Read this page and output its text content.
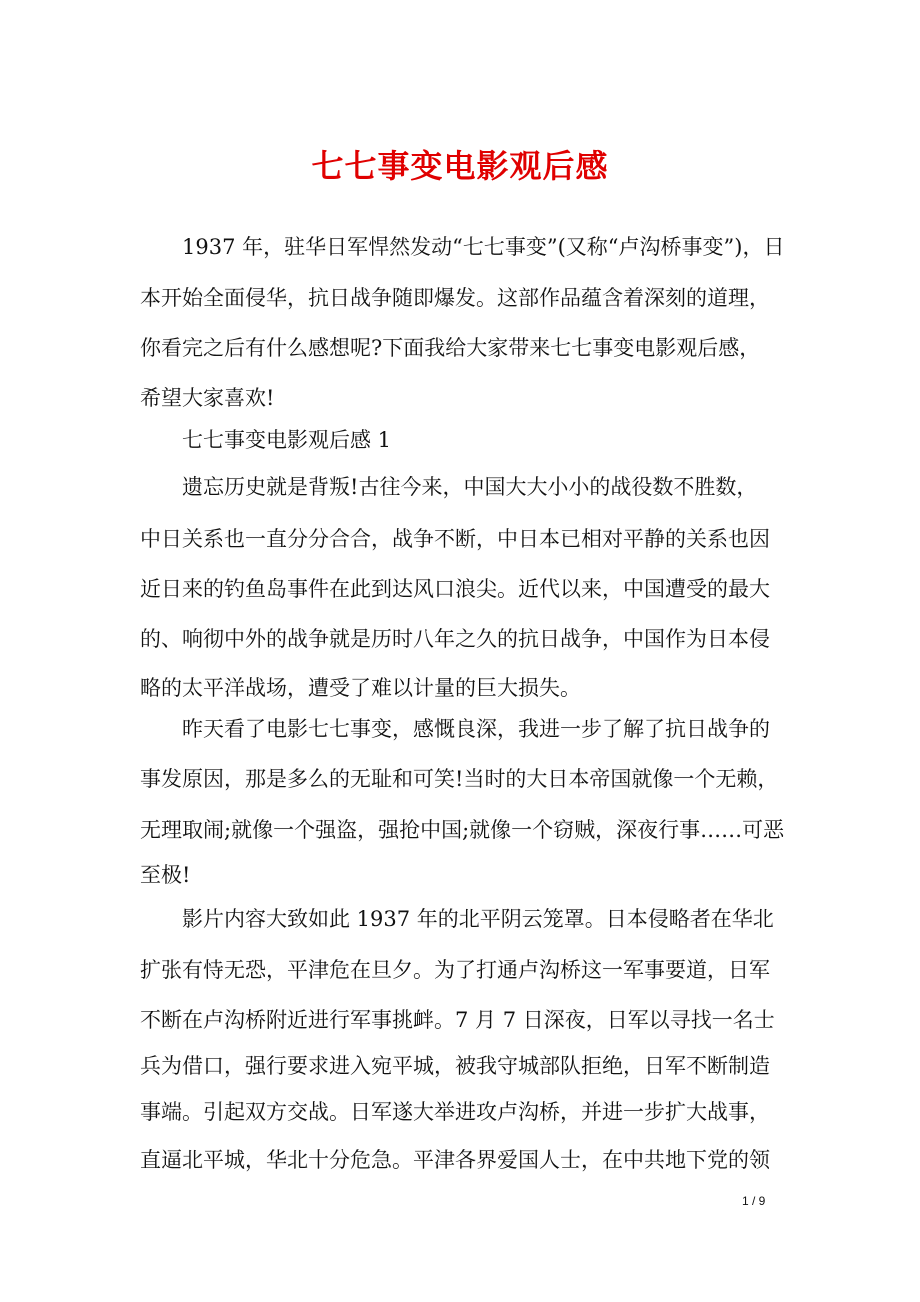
七七事变电影观后感
1937 年，驻华日军悍然发动“七七事变”(又称“卢沟桥事变”)，日
本开始全面侵华，抗日战争随即爆发。这部作品蕴含着深刻的道理，
你看完之后有什么感想呢?下面我给大家带来七七事变电影观后感，
希望大家喜欢!
七七事变电影观后感 1
遗忘历史就是背叛!古往今来，中国大大小小的战役数不胜数，
中日关系也一直分分合合，战争不断，中日本已相对平静的关系也因
近日来的钓鱼岛事件在此到达风口浪尖。近代以来，中国遭受的最大
的、响彻中外的战争就是历时八年之久的抗日战争，中国作为日本侵
略的太平洋战场，遭受了难以计量的巨大损失。
昨天看了电影七七事变，感慨良深，我进一步了解了抗日战争的
事发原因，那是多么的无耻和可笑!当时的大日本帝国就像一个无赖，
无理取闹;就像一个强盗，强抢中国;就像一个窃贼，深夜行事……可恶
至极!
影片内容大致如此 1937 年的北平阴云笼罩。日本侵略者在华北
扩张有恃无恐，平津危在旦夕。为了打通卢沟桥这一军事要道，日军
不断在卢沟桥附近进行军事挑衅。7 月 7 日深夜，日军以寻找一名士
兵为借口，强行要求进入宛平城，被我守城部队拒绝，日军不断制造
事端。引起双方交战。日军遂大举进攻卢沟桥，并进一步扩大战事，
直逼北平城，华北十分危急。平津各界爱国人士，在中共地下党的领
1 / 9
